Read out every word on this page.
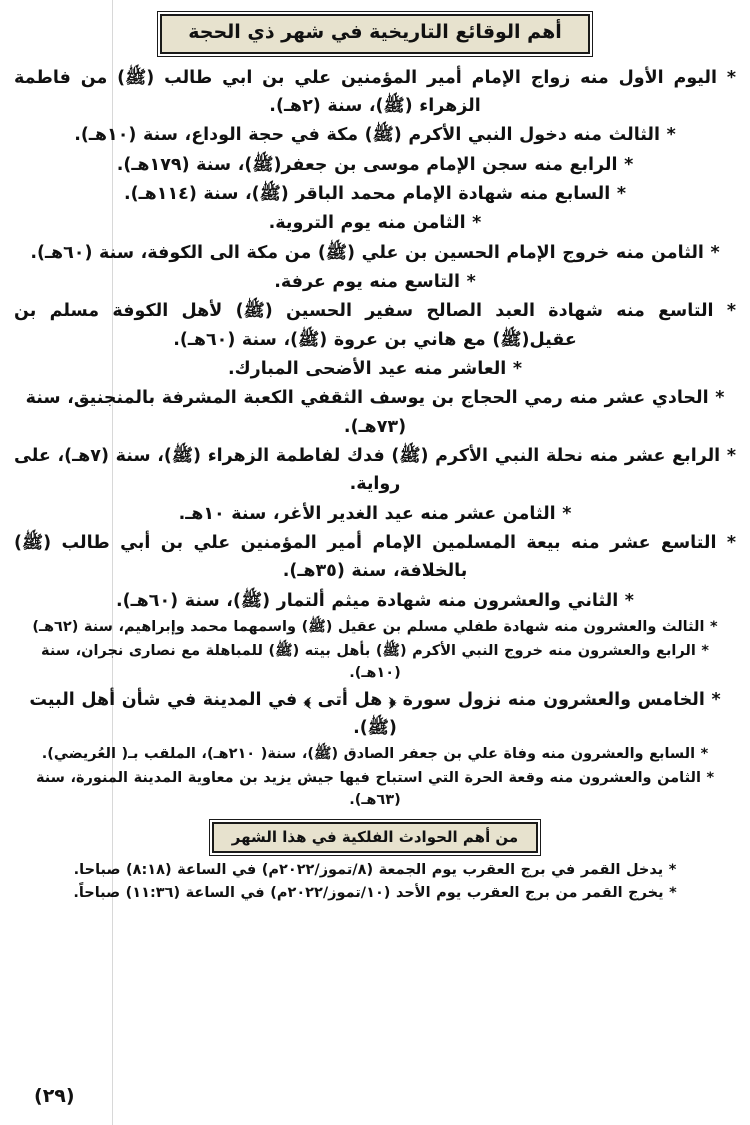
أهم الوقائع التاريخية في شهر ذي الحجة
* اليوم الأول منه زواج الإمام أمير المؤمنين علي بن ابي طالب (ﷺ) من فاطمة الزهراء (ﷺ)، سنة (٢هـ).
* الثالث منه دخول النبي الأكرم (ﷺ) مكة في حجة الوداع، سنة (١٠هـ).
* الرابع منه سجن الإمام موسى بن جعفر(ﷺ)، سنة (١٧٩هـ).
* السابع منه شهادة الإمام محمد الباقر (ﷺ)، سنة (١١٤هـ).
* الثامن منه يوم التروية.
* الثامن منه خروج الإمام الحسين بن علي (ﷺ) من مكة الى الكوفة، سنة (٦٠هـ).
* التاسع منه يوم عرفة.
* التاسع منه شهادة العبد الصالح سفير الحسين (ﷺ) لأهل الكوفة مسلم بن عقيل(ﷺ) مع هاني بن عروة (ﷺ)، سنة (٦٠هـ).
* العاشر منه عيد الأضحى المبارك.
* الحادي عشر منه رمي الحجاج بن يوسف الثقفي الكعبة المشرفة بالمنجنيق، سنة (٧٣هـ).
* الرابع عشر منه نحلة النبي الأكرم (ﷺ) فدك لفاطمة الزهراء (ﷺ)، سنة (٧هـ)، على رواية.
* الثامن عشر منه عيد الغدير الأغر، سنة ١٠هـ.
* التاسع عشر منه بيعة المسلمين الإمام أمير المؤمنين علي بن أبي طالب (ﷺ) بالخلافة، سنة (٣٥هـ).
* الثاني والعشرون منه شهادة ميثم ألتمار (ﷺ)، سنة (٦٠هـ).
* الثالث والعشرون منه شهادة طفلي مسلم بن عقيل (ﷺ) واسمهما محمد وإبراهيم، سنة (٦٢هـ)
* الرابع والعشرون منه خروج النبي الأكرم (ﷺ) بأهل بيته (ﷺ) للمباهلة مع نصارى نجران، سنة (١٠هـ).
* الخامس والعشرون منه نزول سورة ﴿ هل أتى ﴾ في المدينة في شأن أهل البيت (ﷺ).
* السابع والعشرون منه وفاة علي بن جعفر الصادق (ﷺ)، سنة( ٢١٠هـ)، الملقب بـ( العُريضي).
* الثامن والعشرون منه وقعة الحرة التي استباح فيها جيش يزيد بن معاوية المدينة المنورة، سنة (٦٣هـ).
من أهم الحوادث الفلكية في هذا الشهر
* يدخل القمر في برج العقرب يوم الجمعة (٨/تموز/٢٠٢٢م) في الساعة (٨:١٨) صباحا.
* يخرج القمر من برج العقرب يوم الأحد (١٠/تموز/٢٠٢٢م) في الساعة (١١:٣٦) صباحاً.
(٢٩)
